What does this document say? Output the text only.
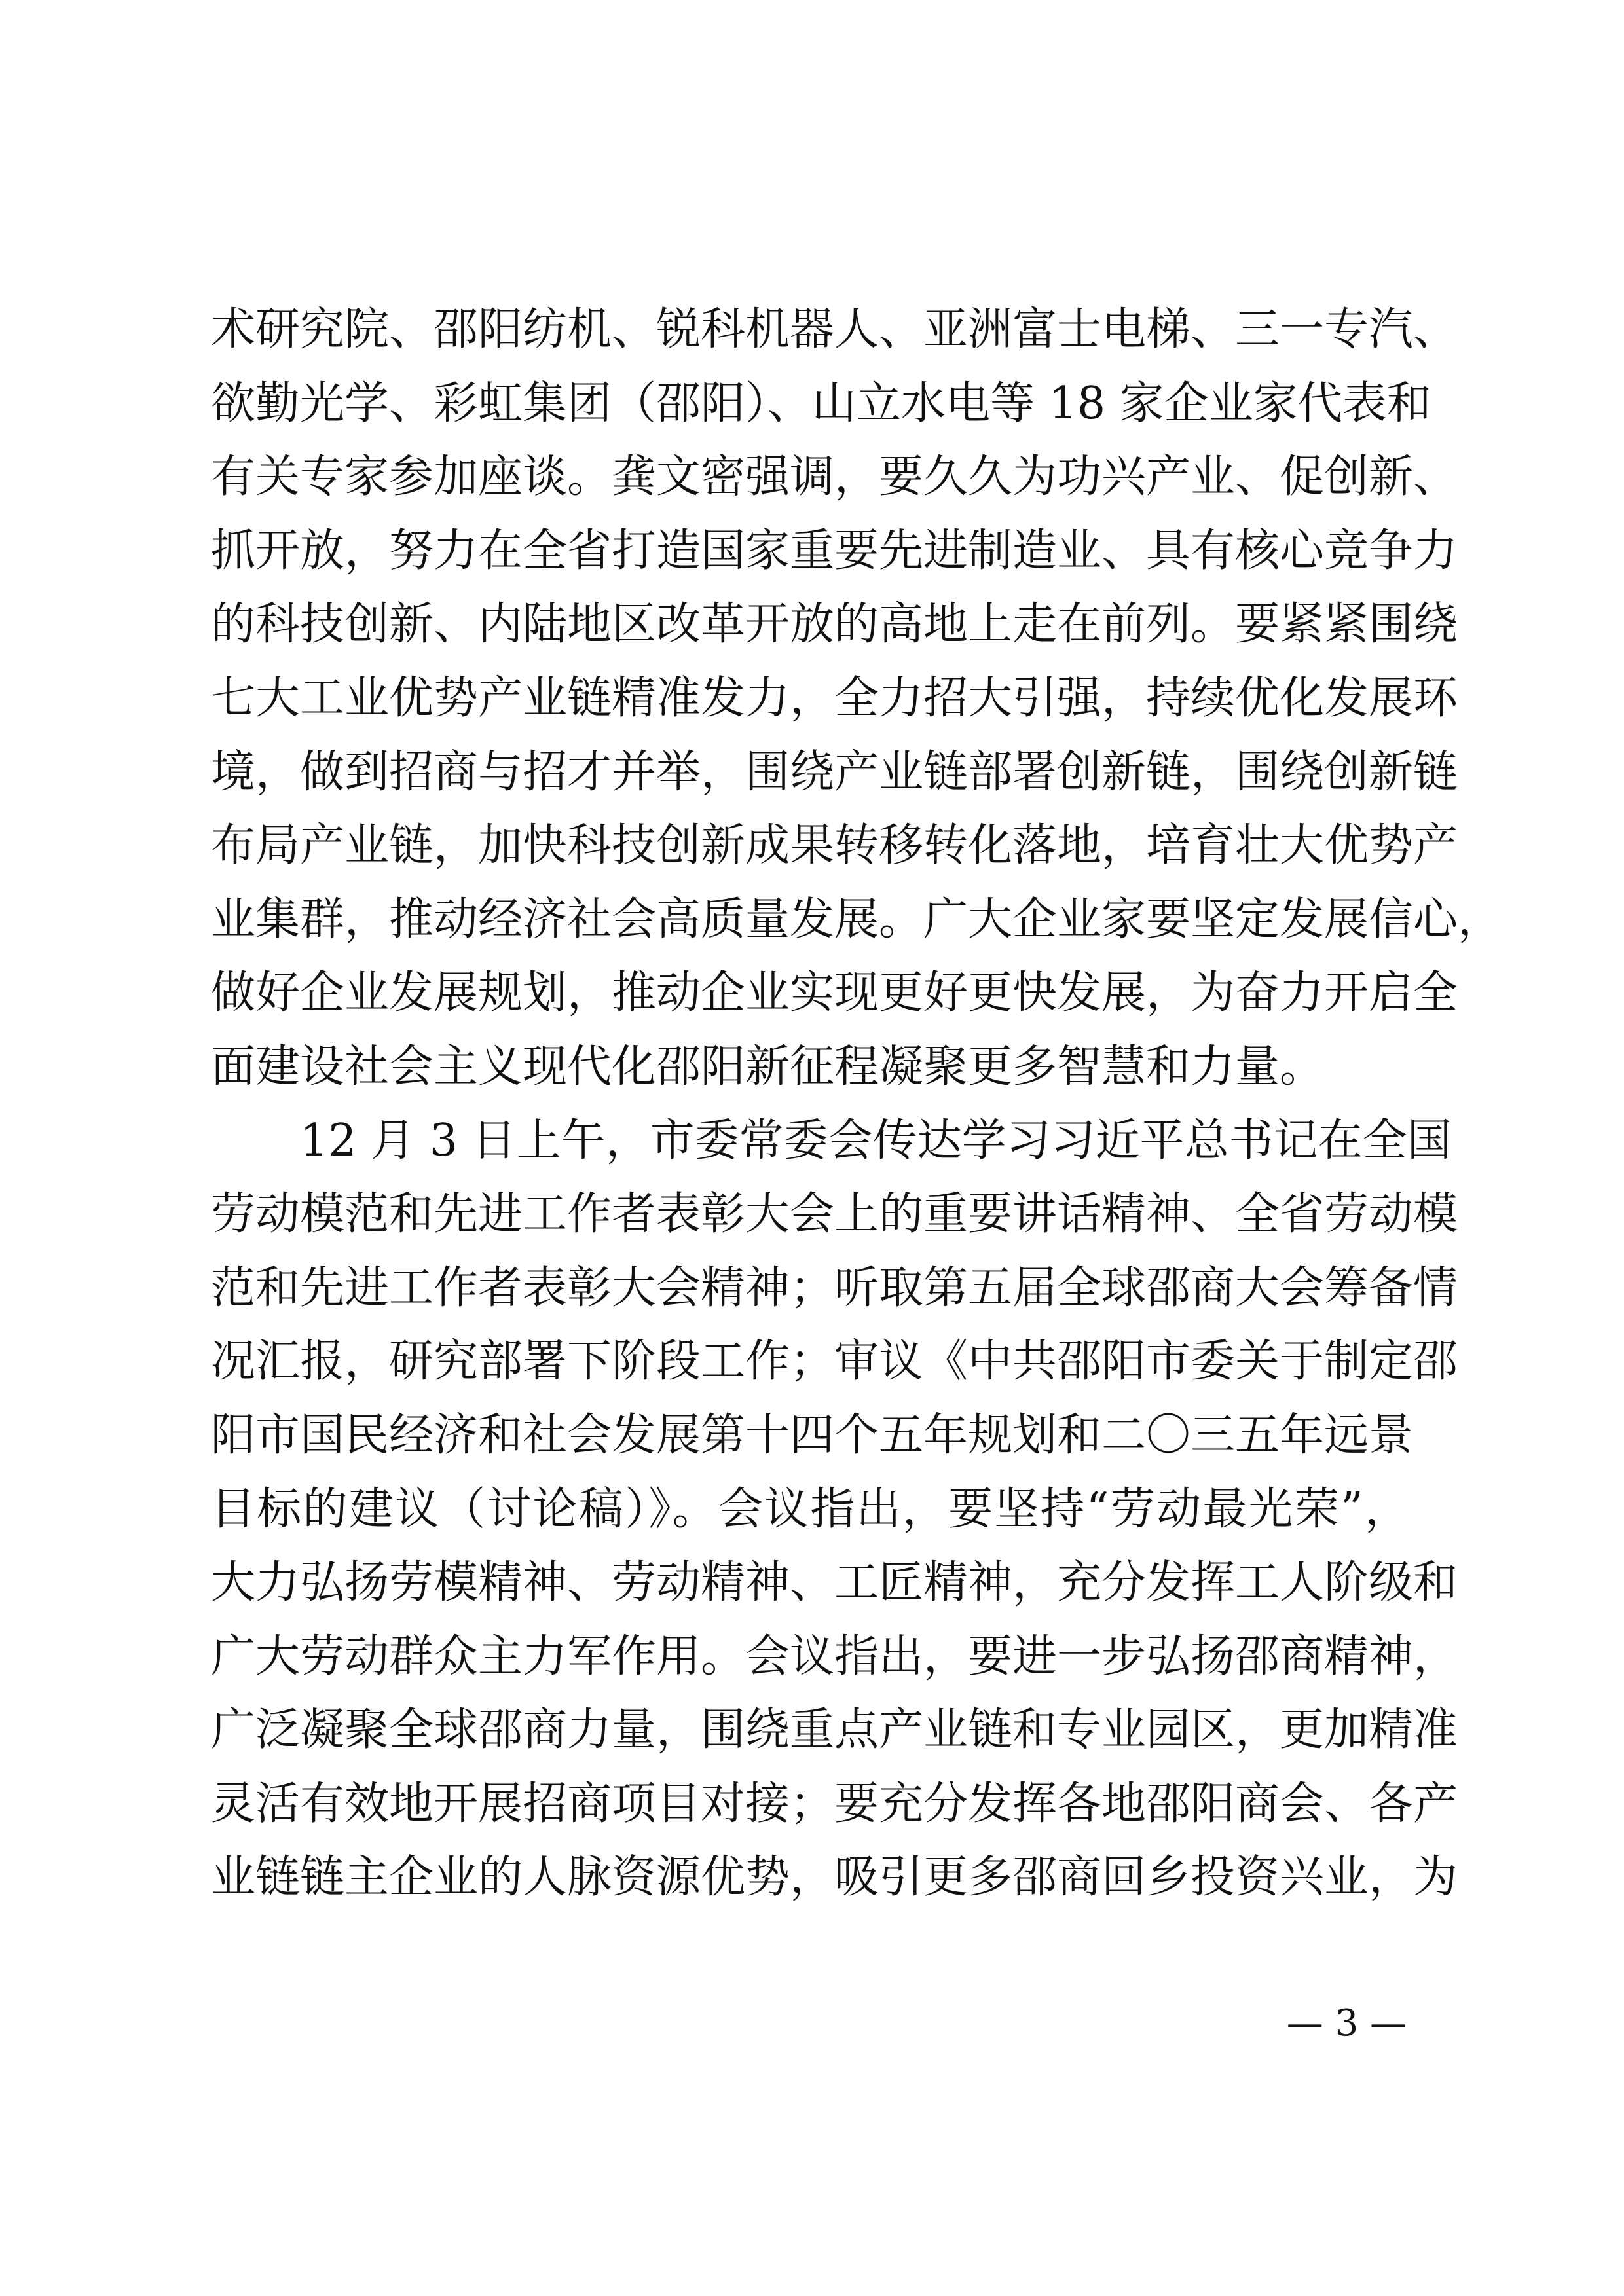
术研究院、邵阳纺机、锐科机器人、亚洲富士电梯、三一专汽、
欲勤光学、彩虹集团（邵阳）、山立水电等 18 家企业家代表和
有关专家参加座谈。龚文密强调，要久久为功兴产业、促创新、
抓开放，努力在全省打造国家重要先进制造业、具有核心竞争力
的科技创新、内陆地区改革开放的高地上走在前列。要紧紧围绕
七大工业优势产业链精准发力，全力招大引强，持续优化发展环
境，做到招商与招才并举，围绕产业链部署创新链，围绕创新链
布局产业链，加快科技创新成果转移转化落地，培育壮大优势产
业集群，推动经济社会高质量发展。广大企业家要坚定发展信心，
做好企业发展规划，推动企业实现更好更快发展，为奋力开启全
面建设社会主义现代化邵阳新征程凝聚更多智慧和力量。
12 月 3 日上午，市委常委会传达学习习近平总书记在全国
劳动模范和先进工作者表彰大会上的重要讲话精神、全省劳动模
范和先进工作者表彰大会精神；听取第五届全球邵商大会筹备情
况汇报，研究部署下阶段工作；审议《中共邵阳市委关于制定邵
阳市国民经济和社会发展第十四个五年规划和二〇三五年远景
目标的建议（讨论稿）》。会议指出，要坚持“劳动最光荣”，
大力弘扬劳模精神、劳动精神、工匠精神，充分发挥工人阶级和
广大劳动群众主力军作用。会议指出，要进一步弘扬邵商精神，
广泛凝聚全球邵商力量，围绕重点产业链和专业园区，更加精准
灵活有效地开展招商项目对接；要充分发挥各地邵阳商会、各产
业链链主企业的人脉资源优势，吸引更多邵商回乡投资兴业，为
— 3 —
